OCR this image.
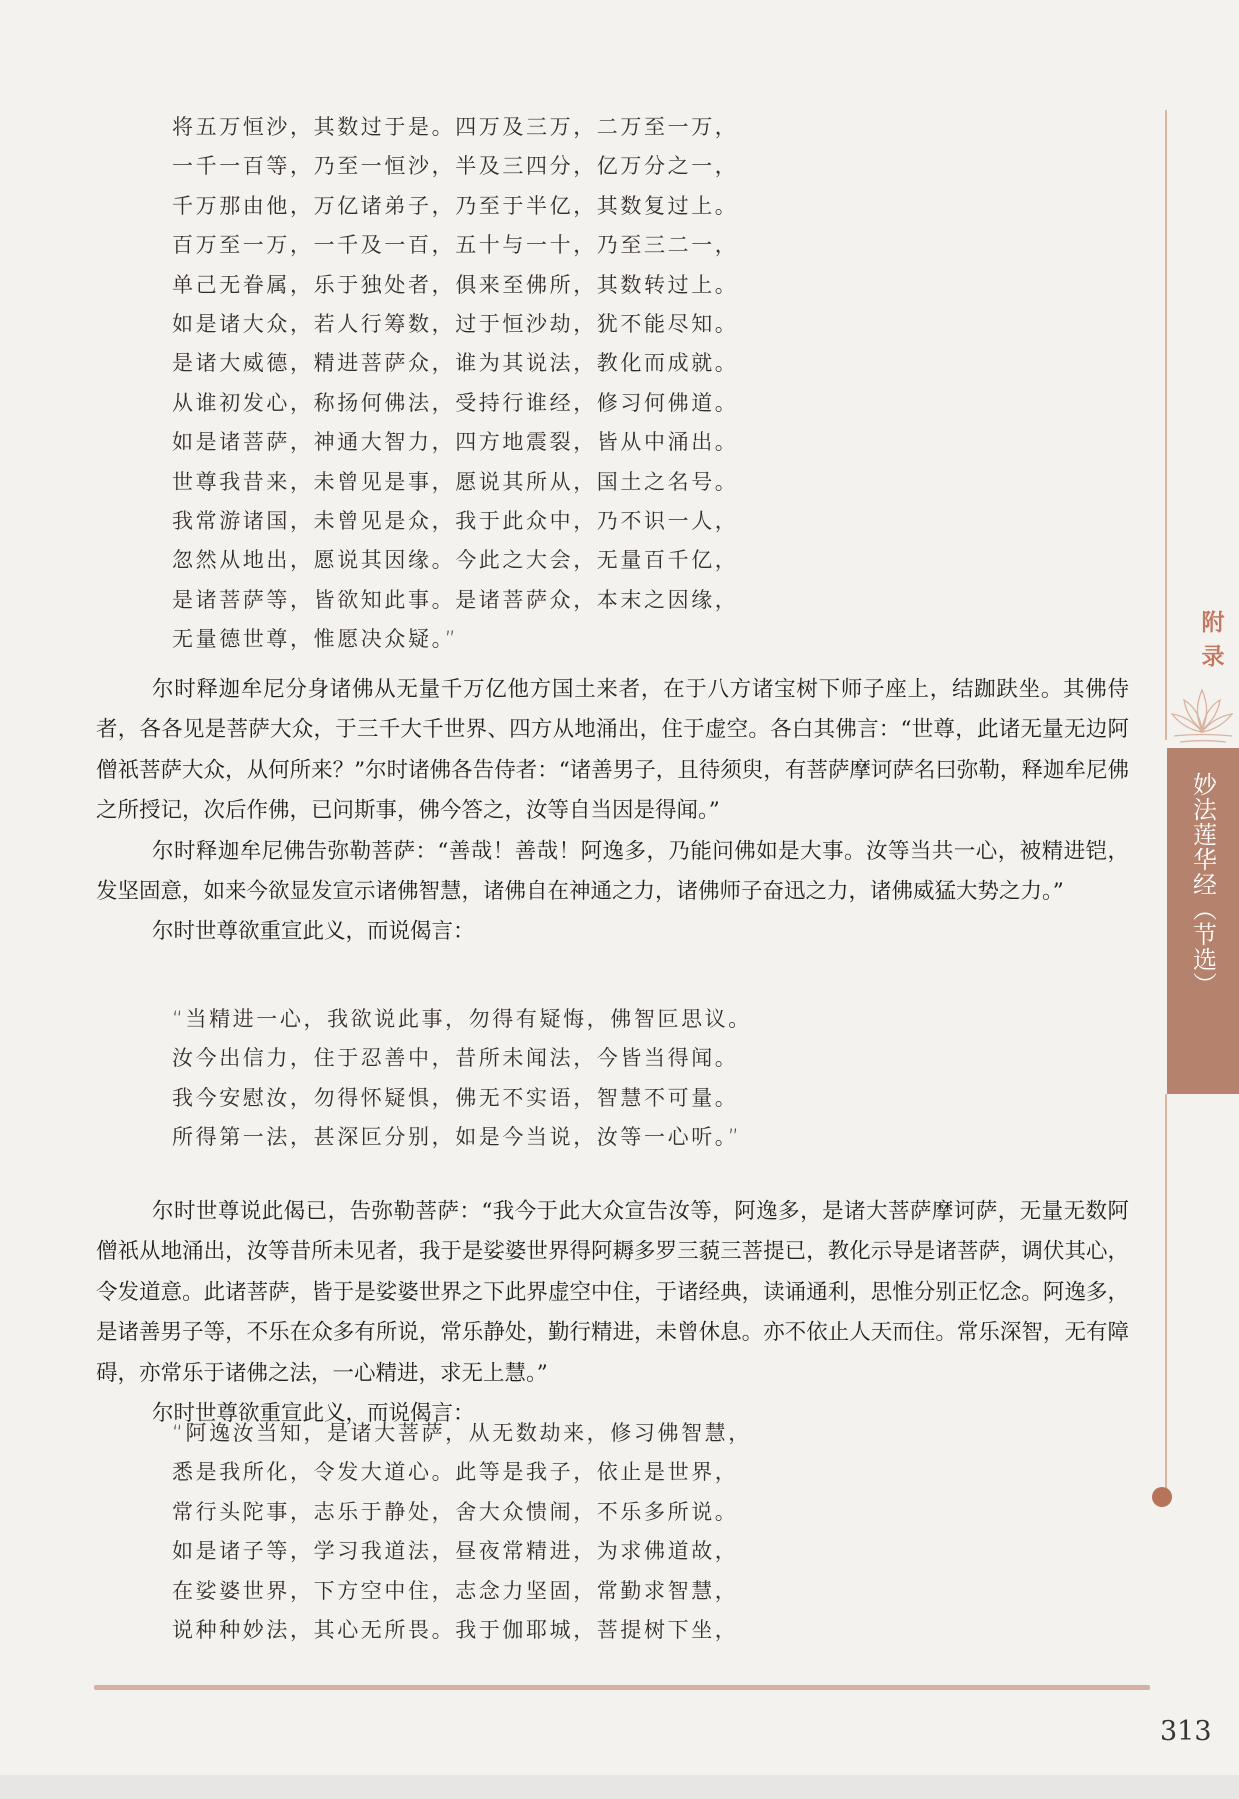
将五万恒沙，其数过于是。四万及三万，二万至一万，
一千一百等，乃至一恒沙，半及三四分，亿万分之一，
千万那由他，万亿诸弟子，乃至于半亿，其数复过上。
百万至一万，一千及一百，五十与一十，乃至三二一，
单己无眷属，乐于独处者，俱来至佛所，其数转过上。
如是诸大众，若人行筹数，过于恒沙劫，犹不能尽知。
是诸大威德，精进菩萨众，谁为其说法，教化而成就。
从谁初发心，称扬何佛法，受持行谁经，修习何佛道。
如是诸菩萨，神通大智力，四方地震裂，皆从中涌出。
世尊我昔来，未曾见是事，愿说其所从，国土之名号。
我常游诸国，未曾见是众，我于此众中，乃不识一人，
忽然从地出，愿说其因缘。今此之大会，无量百千亿，
是诸菩萨等，皆欲知此事。是诸菩萨众，本末之因缘，
无量德世尊，惟愿决众疑。”

尔时释迦牟尼分身诸佛从无量千万亿他方国土来者，在于八方诸宝树下师子座上，结跏趺坐。其佛侍者，各各见是菩萨大众，于三千大千世界、四方从地涌出，住于虚空。各白其佛言：“世尊，此诸无量无边阿僧祇菩萨大众，从何所来？”尔时诸佛各告侍者：“诸善男子，且待须臾，有菩萨摩诃萨名曰弥勒，释迦牟尼佛之所授记，次后作佛，已问斯事，佛今答之，汝等自当因是得闻。”

尔时释迦牟尼佛告弥勒菩萨：“善哉！善哉！阿逸多，乃能问佛如是大事。汝等当共一心，被精进铠，发坚固意，如来今欲显发宣示诸佛智慧，诸佛自在神通之力，诸佛师子奋迅之力，诸佛威猛大势之力。”

尔时世尊欲重宣此义，而说偈言：

“当精进一心，我欲说此事，勿得有疑悔，佛智叵思议。
汝今出信力，住于忍善中，昔所未闻法，今皆当得闻。
我今安慰汝，勿得怀疑惧，佛无不实语，智慧不可量。
所得第一法，甚深叵分别，如是今当说，汝等一心听。”

尔时世尊说此偈已，告弥勒菩萨：“我今于此大众宣告汝等，阿逸多，是诸大菩萨摩诃萨，无量无数阿僧祇从地涌出，汝等昔所未见者，我于是娑婆世界得阿耨多罗三藐三菩提已，教化示导是诸菩萨，调伏其心，令发道意。此诸菩萨，皆于是娑婆世界之下此界虚空中住，于诸经典，读诵通利，思惟分别正忆念。阿逸多，是诸善男子等，不乐在众多有所说，常乐静处，勤行精进，未曾休息。亦不依止人天而住。常乐深智，无有障碍，亦常乐于诸佛之法，一心精进，求无上慧。”

尔时世尊欲重宣此义，而说偈言：

“阿逸汝当知，是诸大菩萨，从无数劫来，修习佛智慧，
悉是我所化，令发大道心。此等是我子，依止是世界，
常行头陀事，志乐于静处，舍大众愦闹，不乐多所说。
如是诸子等，学习我道法，昼夜常精进，为求佛道故，
在娑婆世界，下方空中住，志念力坚固，常勤求智慧，
说种种妙法，其心无所畏。我于伽耶城，菩提树下坐，
附录
妙法莲华经（节选）
313
